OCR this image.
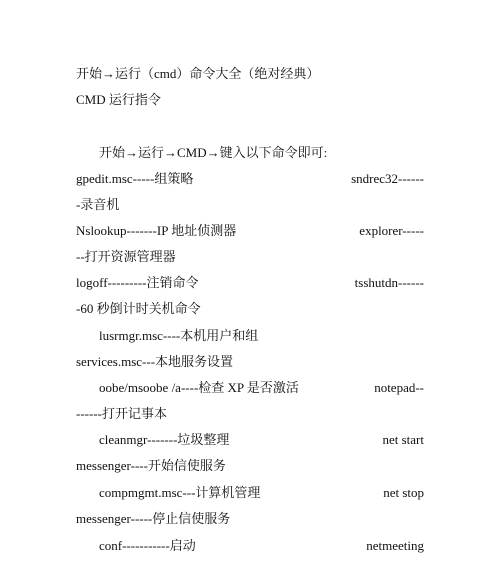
开始→运行（cmd）命令大全（绝对经典）
CMD 运行指令
开始→运行→CMD→键入以下命令即可:
gpedit.msc-----组策略	sndrec32------
-录音机
Nslookup-------IP 地址侦测器	explorer-----
--打开资源管理器
logoff---------注销命令	tsshutdn------
-60 秒倒计时关机命令
lusrmgr.msc----本机用户和组
services.msc---本地服务设置
oobe/msoobe /a----检查 XP 是否激活	notepad--
------打开记事本
cleanmgr-------垃圾整理	net start
messenger----开始信使服务
compmgmt.msc---计算机管理	net stop
messenger-----停止信使服务
conf-----------启动	netmeeting
